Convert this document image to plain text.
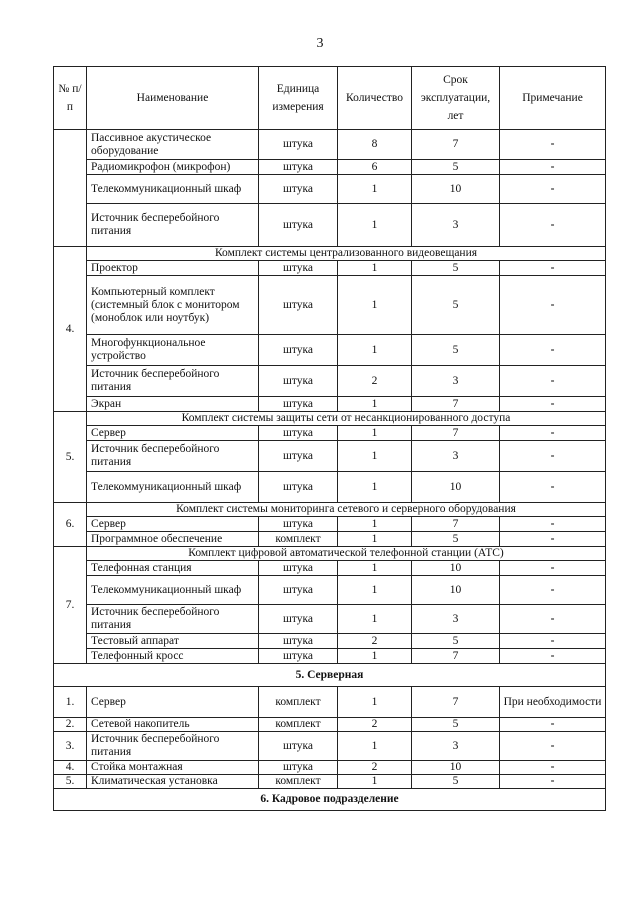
3
№ п/п	Наименование	Единица измерения	Количество	Срок эксплуатации, лет	Примечание
	Пассивное акустическое оборудование	штука	8	7	-
	Радиомикрофон (микрофон)	штука	6	5	-
	Телекоммуникационный шкаф	штука	1	10	-
	Источник бесперебойного питания	штука	1	3	-
4.	Комплект системы централизованного видеовещания				
	Проектор	штука	1	5	-
	Компьютерный комплект (системный блок с монитором (моноблок или ноутбук)	штука	1	5	-
	Многофункциональное устройство	штука	1	5	-
	Источник бесперебойного питания	штука	2	3	-
	Экран	штука	1	7	-
5.	Комплект системы защиты сети от несанкционированного доступа				
	Сервер	штука	1	7	-
	Источник бесперебойного питания	штука	1	3	-
	Телекоммуникационный шкаф	штука	1	10	-
6.	Комплект системы мониторинга сетевого и серверного оборудования				
	Сервер	штука	1	7	-
	Программное обеспечение	комплект	1	5	-
7.	Комплект цифровой автоматической телефонной станции (АТС)				
	Телефонная станция	штука	1	10	-
	Телекоммуникационный шкаф	штука	1	10	-
	Источник бесперебойного питания	штука	1	3	-
	Тестовый аппарат	штука	2	5	-
	Телефонный кросс	штука	1	7	-
5. Серверная					
1.	Сервер	комплект	1	7	При необходимости
2.	Сетевой накопитель	комплект	2	5	-
3.	Источник бесперебойного питания	штука	1	3	-
4.	Стойка монтажная	штука	2	10	-
5.	Климатическая установка	комплект	1	5	-
6. Кадровое подразделение					
